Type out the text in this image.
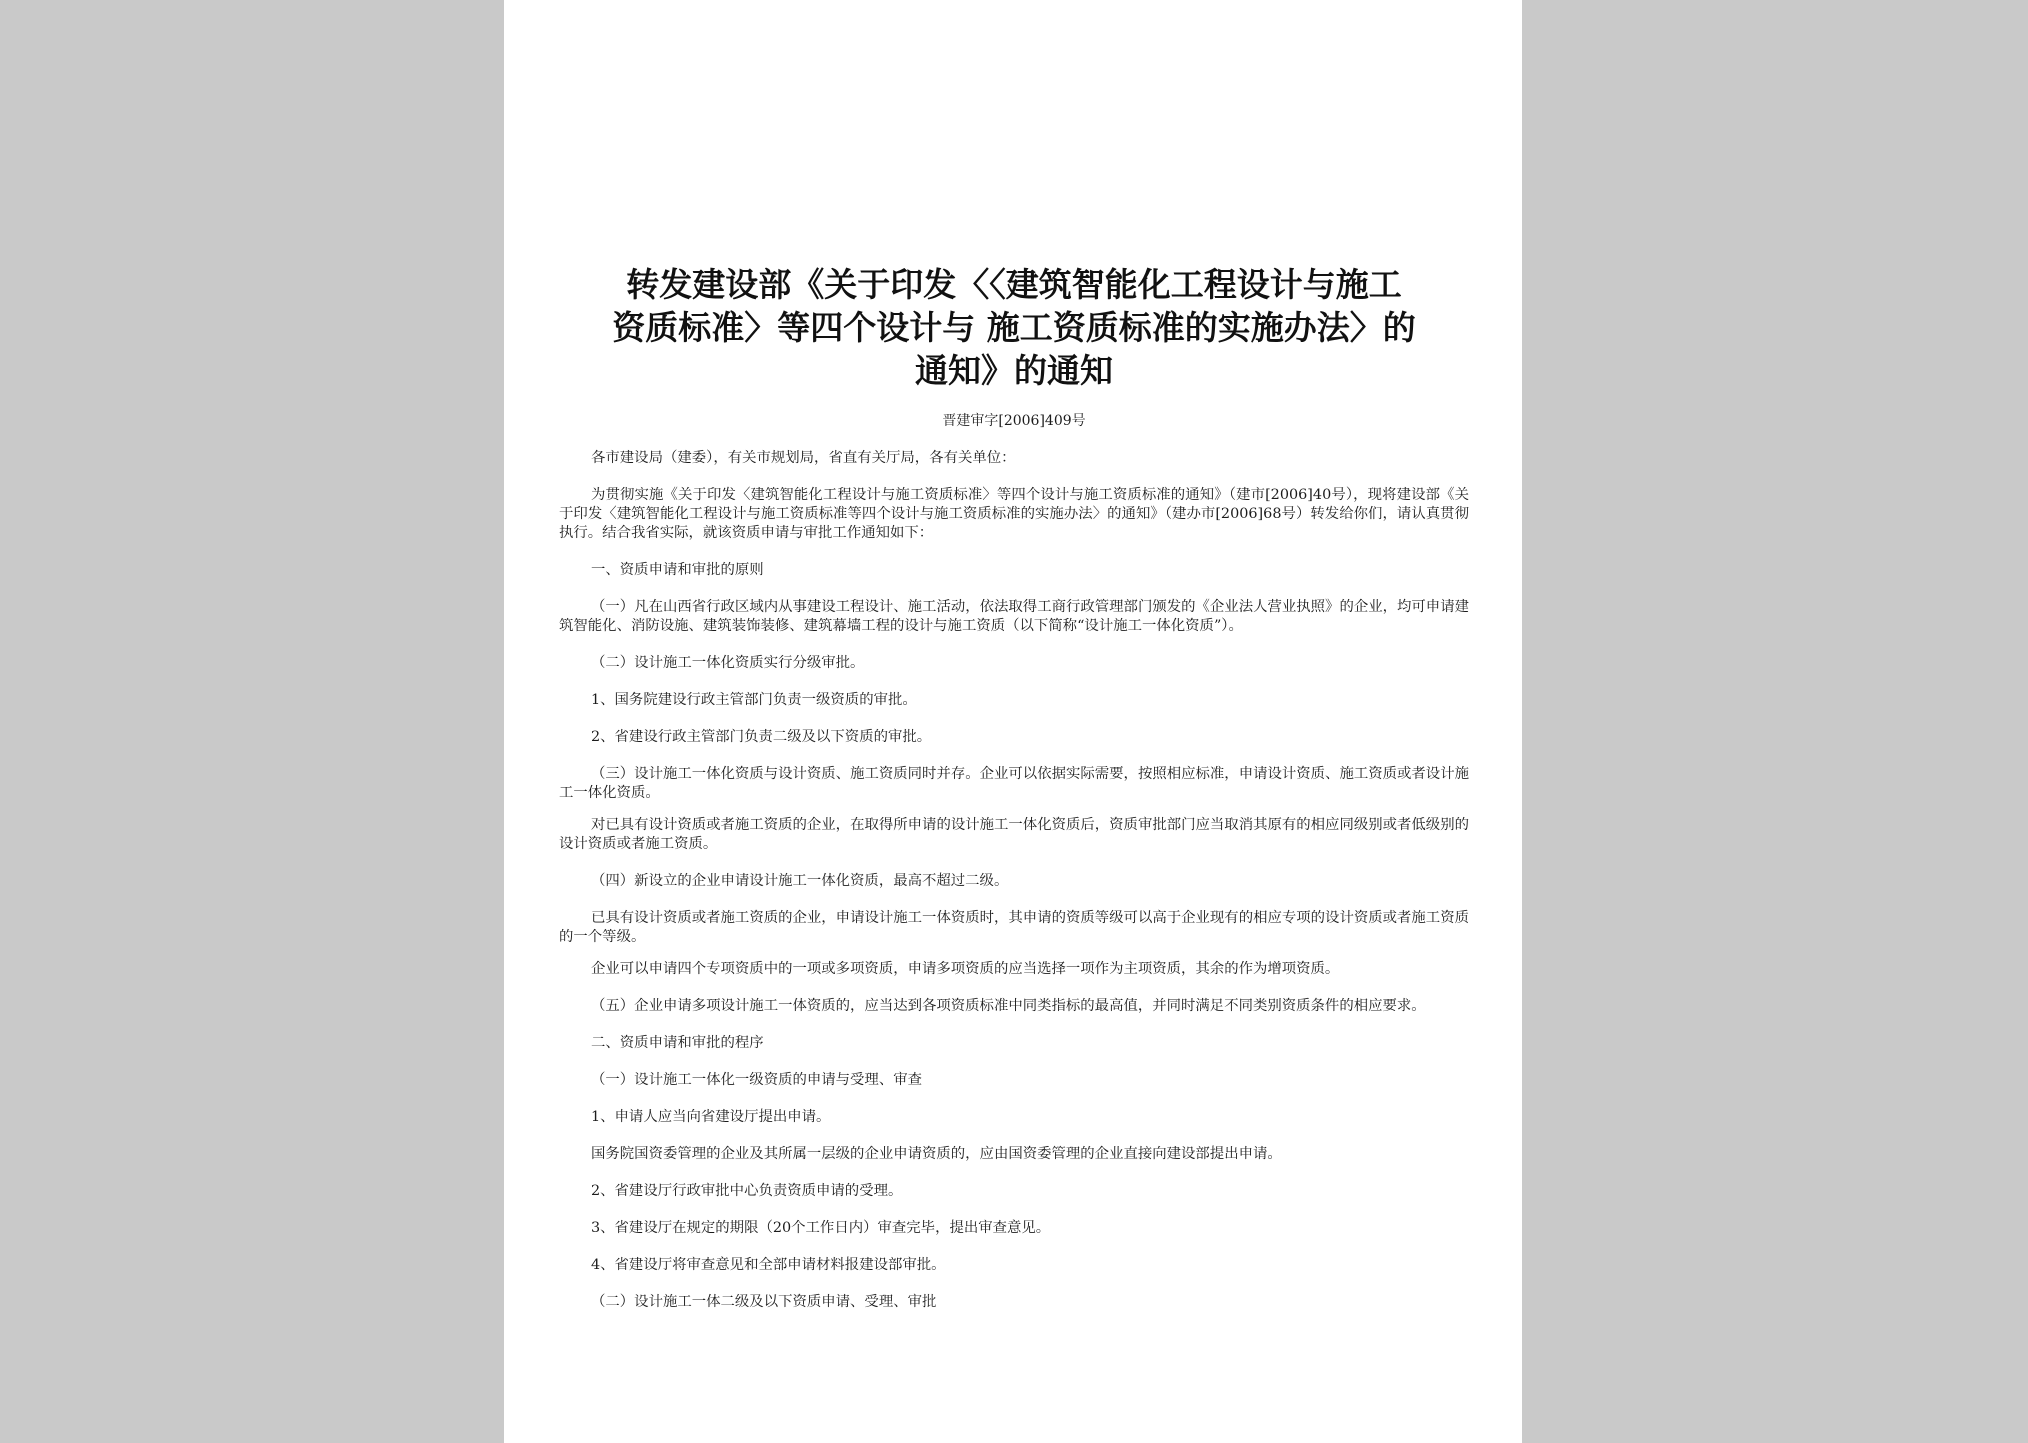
转发建设部《关于印发〈〈建筑智能化工程设计与施工
资质标准〉等四个设计与 施工资质标准的实施办法〉的
通知》的通知
晋建审字[2006]409号

各市建设局（建委），有关市规划局，省直有关厅局，各有关单位：

为贯彻实施《关于印发〈建筑智能化工程设计与施工资质标准〉等四个设计与施工资质标准的通知》（建市[2006]40号），现将建设部《关于印发〈建筑智能化工程设计与施工资质标准等四个设计与施工资质标准的实施办法〉的通知》（建办市[2006]68号）转发给你们，请认真贯彻执行。结合我省实际，就该资质申请与审批工作通知如下：

一、资质申请和审批的原则

（一）凡在山西省行政区域内从事建设工程设计、施工活动，依法取得工商行政管理部门颁发的《企业法人营业执照》的企业，均可申请建筑智能化、消防设施、建筑装饰装修、建筑幕墙工程的设计与施工资质（以下简称“设计施工一体化资质”）。

（二）设计施工一体化资质实行分级审批。

1、国务院建设行政主管部门负责一级资质的审批。

2、省建设行政主管部门负责二级及以下资质的审批。

（三）设计施工一体化资质与设计资质、施工资质同时并存。企业可以依据实际需要，按照相应标准，申请设计资质、施工资质或者设计施工一体化资质。

对已具有设计资质或者施工资质的企业，在取得所申请的设计施工一体化资质后，资质审批部门应当取消其原有的相应同级别或者低级别的设计资质或者施工资质。

（四）新设立的企业申请设计施工一体化资质，最高不超过二级。

已具有设计资质或者施工资质的企业，申请设计施工一体资质时，其申请的资质等级可以高于企业现有的相应专项的设计资质或者施工资质的一个等级。

企业可以申请四个专项资质中的一项或多项资质，申请多项资质的应当选择一项作为主项资质，其余的作为增项资质。

（五）企业申请多项设计施工一体资质的，应当达到各项资质标准中同类指标的最高值，并同时满足不同类别资质条件的相应要求。

二、资质申请和审批的程序

（一）设计施工一体化一级资质的申请与受理、审查

1、申请人应当向省建设厅提出申请。

国务院国资委管理的企业及其所属一层级的企业申请资质的，应由国资委管理的企业直接向建设部提出申请。

2、省建设厅行政审批中心负责资质申请的受理。

3、省建设厅在规定的期限（20个工作日内）审查完毕，提出审查意见。

4、省建设厅将审查意见和全部申请材料报建设部审批。

（二）设计施工一体二级及以下资质申请、受理、审批
